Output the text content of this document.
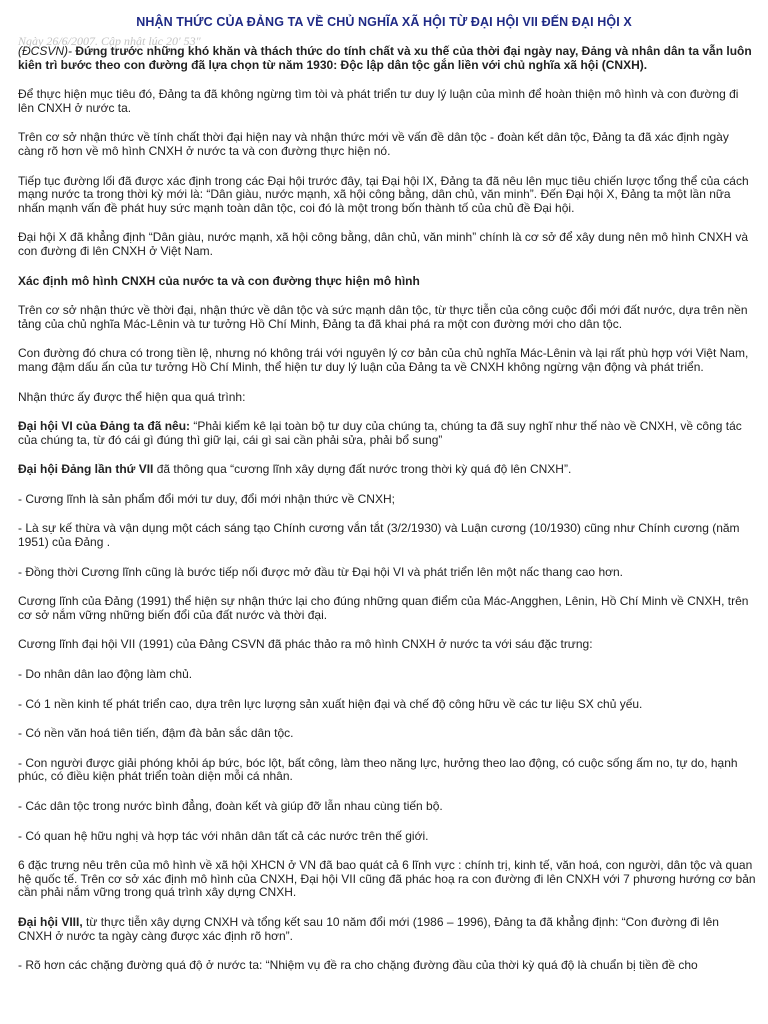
NHẬN THỨC CỦA ĐẢNG TA VỀ CHỦ NGHĨA XÃ HỘI TỪ ĐẠI HỘI VII ĐẾN ĐẠI HỘI X
Ngày 26/6/2007. Cập nhật lúc 20' 53"

(ĐCSVN)- Đứng trước những khó khăn và thách thức do tính chất và xu thế của thời đại ngày nay, Đảng và nhân dân ta vẫn luôn kiên trì bước theo con đường đã lựa chọn từ năm 1930: Độc lập dân tộc gắn liền với chủ nghĩa xã hội (CNXH).

Để thực hiện mục tiêu đó, Đảng ta đã không ngừng tìm tòi và phát triển tư duy lý luận của mình để hoàn thiện mô hình và con đường đi lên CNXH ở nước ta.

Trên cơ sở nhận thức về tính chất thời đại hiện nay và nhận thức mới về vấn đề dân tộc - đoàn kết dân tộc, Đảng ta đã xác định ngày càng rõ hơn về mô hình CNXH ở nước ta và con đường thực hiện nó.

Tiếp tục đường lối đã được xác định trong các Đại hội trước đây, tại Đại hội IX, Đảng ta đã nêu lên mục tiêu chiến lược tổng thể của cách mạng nước ta trong thời kỳ mới là: “Dân giàu, nước mạnh, xã hội công bằng, dân chủ, văn minh”. Đến Đại hội X, Đảng ta một lần nữa nhấn mạnh vấn đề phát huy sức mạnh toàn dân tộc, coi đó là một trong bốn thành tố của chủ đề Đại hội.

Đại hội X đã khẳng định “Dân giàu, nước mạnh, xã hội công bằng, dân chủ, văn minh” chính là cơ sở để xây dung nên mô hình CNXH và con đường đi lên CNXH ở Việt Nam.

Xác định mô hình CNXH của nước ta và con đường thực hiện mô hình

Trên cơ sở nhận thức về thời đại, nhận thức về dân tộc và sức mạnh dân tộc, từ thực tiễn của công cuộc đổi mới đất nước, dựa trên nền tảng của chủ nghĩa Mác-Lênin và tư tưởng Hồ Chí Minh, Đảng ta đã khai phá ra một con đường mới cho dân tộc.

Con đường đó chưa có trong tiền lệ, nhưng nó không trái với nguyên lý cơ bản của chủ nghĩa Mác-Lênin và lại rất phù hợp với Việt Nam, mang đậm dấu ấn của tư tưởng Hồ Chí Minh, thể hiện tư duy lý luận của Đảng ta về CNXH không ngừng vận động và phát triển.

Nhận thức ấy được thể hiện qua quá trình:

Đại hội VI của Đảng ta đã nêu: “Phải kiểm kê lại toàn bộ tư duy của chúng ta, chúng ta đã suy nghĩ như thế nào về CNXH, về công tác của chúng ta, từ đó cái gì đúng thì giữ lại, cái gì sai cần phải sửa, phải bổ sung”

Đại hội Đảng lần thứ VII đã thông qua “cương lĩnh xây dựng đất nước trong thời kỳ quá độ lên CNXH”.

- Cương lĩnh là sản phẩm đổi mới tư duy, đổi mới nhận thức về CNXH;

- Là sự kế thừa và vận dụng một cách sáng tạo Chính cương vắn tắt (3/2/1930) và Luận cương (10/1930) cũng như Chính cương (năm 1951) của Đảng .

- Đồng thời Cương lĩnh cũng là bước tiếp nối được mở đầu từ Đại hội VI và phát triển lên một nấc thang cao hơn.

Cương lĩnh của Đảng (1991) thể hiện sự nhận thức lại cho đúng những quan điểm của Mác-Angghen, Lênin, Hồ Chí Minh về CNXH, trên cơ sở nắm vững những biến đổi của đất nước và thời đại.

Cương lĩnh đại hội VII (1991) của Đảng CSVN đã phác thảo ra mô hình CNXH ở nước ta với sáu đặc trưng:

- Do nhân dân lao động làm chủ.

- Có 1 nền kinh tế phát triển cao, dựa trên lực lượng sản xuất hiện đại và chế độ công hữu về các tư liệu SX chủ yếu.

- Có nền văn hoá tiên tiến, đậm đà bản sắc dân tộc.

- Con người được giải phóng khỏi áp bức, bóc lột, bất công, làm theo năng lực, hưởng theo lao động, có cuộc sống ấm no, tự do, hạnh phúc, có điều kiện phát triển toàn diện mỗi cá nhân.

- Các dân tộc trong nước bình đẳng, đoàn kết và giúp đỡ lẫn nhau cùng tiến bộ.

- Có quan hệ hữu nghị và hợp tác với nhân dân tất cả các nước trên thế giới.

6 đặc trưng nêu trên của mô hình về xã hội XHCN ở VN đã bao quát cả 6 lĩnh vực : chính trị, kinh tế, văn hoá, con người, dân tộc và quan hệ quốc tế. Trên cơ sở xác định mô hình của CNXH, Đại hội VII cũng đã phác hoạ ra con đường đi lên CNXH với 7 phương hướng cơ bản cần phải nắm vững trong quá trình xây dựng CNXH.

Đại hội VIII, từ thực tiễn xây dựng CNXH và tổng kết sau 10 năm đổi mới (1986 – 1996), Đảng ta đã khẳng định: “Con đường đi lên CNXH ở nước ta ngày càng được xác định rõ hơn”.

- Rõ hơn các chặng đường quá độ ở nước ta: “Nhiệm vụ đề ra cho chặng đường đầu của thời kỳ quá độ là chuẩn bị tiền đề cho
